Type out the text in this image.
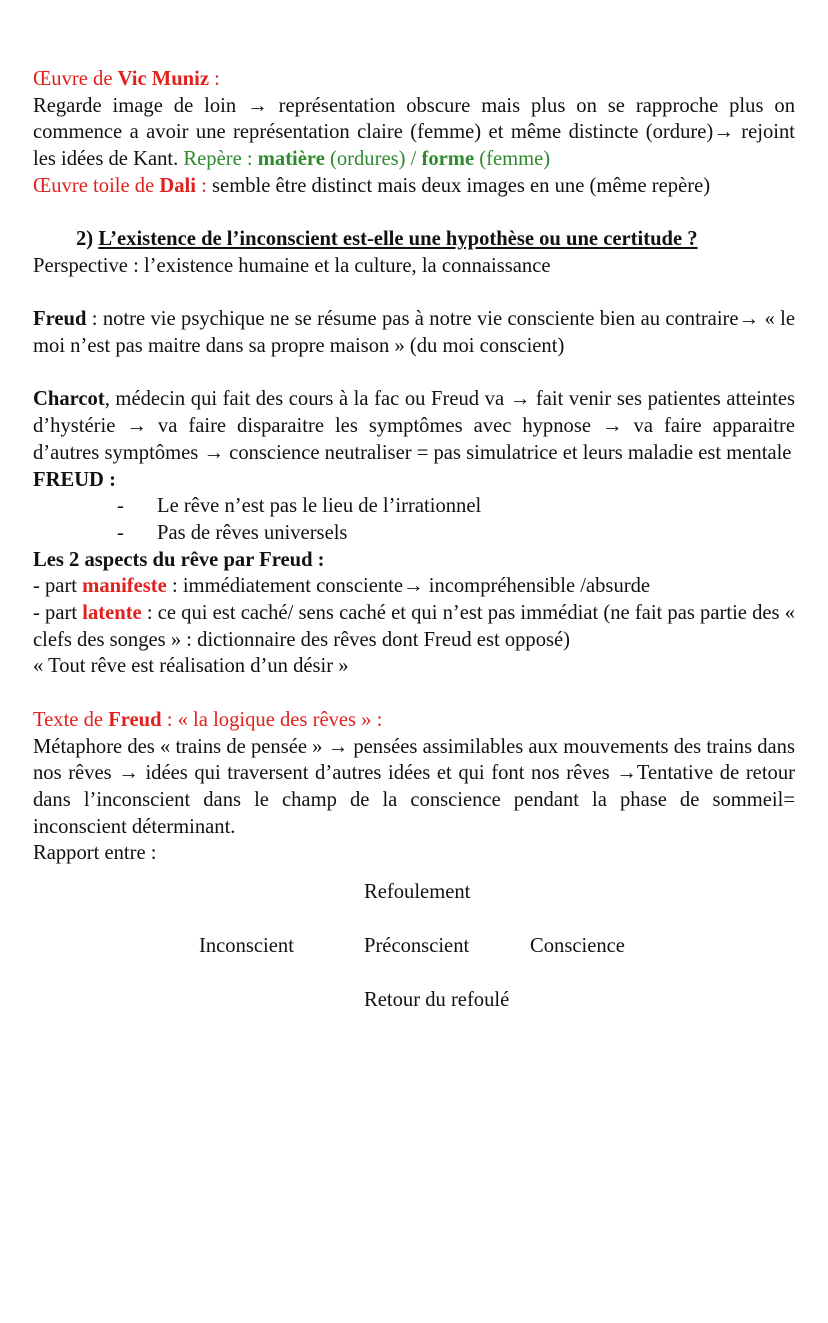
Œuvre de Vic Muniz :

Regarde image de loin → représentation obscure mais plus on se rapproche plus on commence a avoir une représentation claire (femme) et même distincte (ordure)→ rejoint les idées de Kant. Repère : matière (ordures) / forme (femme)

Œuvre toile de Dali : semble être distinct mais deux images en une (même repère)

2) L’existence de l’inconscient est-elle une hypothèse ou une certitude ?

Perspective : l’existence humaine et la culture, la connaissance

Freud : notre vie psychique ne se résume pas à notre vie consciente bien au contraire→ « le moi n’est pas maitre dans sa propre maison » (du moi conscient)

Charcot, médecin qui fait des cours à la fac ou Freud va → fait venir ses patientes atteintes d’hystérie → va faire disparaitre les symptômes avec hypnose → va faire apparaitre d’autres symptômes → conscience neutraliser = pas simulatrice et leurs maladie est mentale

FREUD :

-	Le rêve n’est pas le lieu de l’irrationnel
-	Pas de rêves universels

Les 2 aspects du rêve par Freud :

- part manifeste : immédiatement consciente→ incompréhensible /absurde

- part latente : ce qui est caché/ sens caché et qui n’est pas immédiat (ne fait pas partie des « clefs des songes » : dictionnaire des rêves dont Freud est opposé)

« Tout rêve est réalisation d’un désir »

Texte de Freud : « la logique des rêves » :

Métaphore des « trains de pensée » → pensées assimilables aux mouvements des trains dans nos rêves → idées qui traversent d’autres idées et qui font nos rêves →Tentative de retour dans l’inconscient dans le champ de la conscience pendant la phase de sommeil= inconscient déterminant.

Rapport entre :

Refoulement
Inconscient	Préconscient	Conscience
Retour du refoulé
